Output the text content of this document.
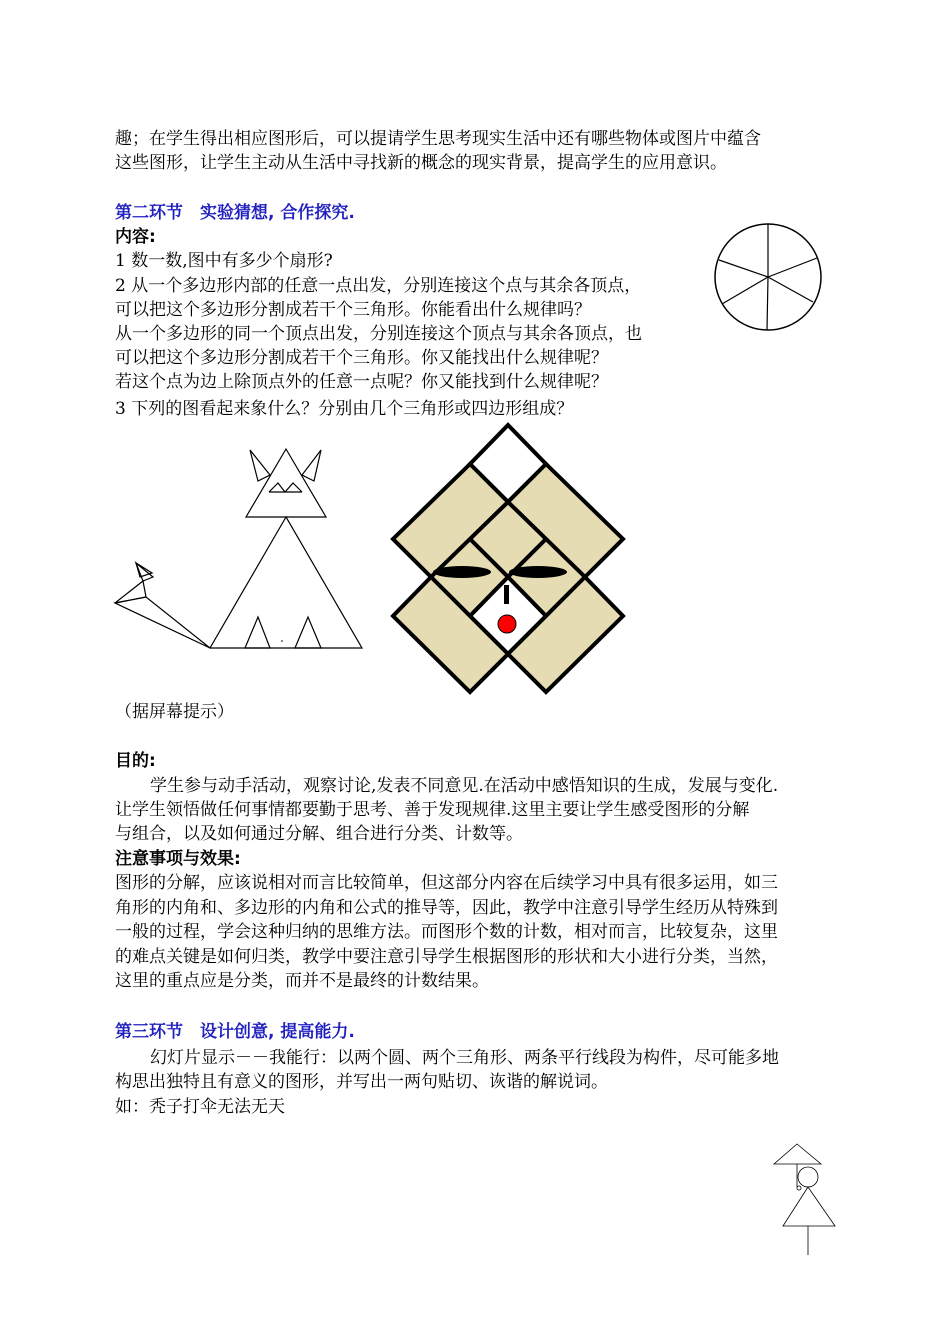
趣；在学生得出相应图形后，可以提请学生思考现实生活中还有哪些物体或图片中蕴含
这些图形，让学生主动从生活中寻找新的概念的现实背景，提高学生的应用意识。
第二环节　实验猜想, 合作探究.
内容:
1 数一数,图中有多少个扇形?
2 从一个多边形内部的任意一点出发，分别连接这个点与其余各顶点，
可以把这个多边形分割成若干个三角形。你能看出什么规律吗？
从一个多边形的同一个顶点出发，分别连接这个顶点与其余各顶点，也
可以把这个多边形分割成若干个三角形。你又能找出什么规律呢？
若这个点为边上除顶点外的任意一点呢？你又能找到什么规律呢？
3 下列的图看起来象什么？分别由几个三角形或四边形组成？
（据屏幕提示）
目的:
学生参与动手活动，观察讨论,发表不同意见.在活动中感悟知识的生成，发展与变化.
让学生领悟做任何事情都要勤于思考、善于发现规律.这里主要让学生感受图形的分解
与组合，以及如何通过分解、组合进行分类、计数等。
注意事项与效果:
图形的分解，应该说相对而言比较简单，但这部分内容在后续学习中具有很多运用，如三
角形的内角和、多边形的内角和公式的推导等，因此，教学中注意引导学生经历从特殊到
一般的过程，学会这种归纳的思维方法。而图形个数的计数，相对而言，比较复杂，这里
的难点关键是如何归类，教学中要注意引导学生根据图形的形状和大小进行分类，当然，
这里的重点应是分类，而并不是最终的计数结果。
第三环节　设计创意, 提高能力.
幻灯片显示－－我能行：以两个圆、两个三角形、两条平行线段为构件，尽可能多地
构思出独特且有意义的图形，并写出一两句贴切、诙谐的解说词。
如：秃子打伞无法无天
